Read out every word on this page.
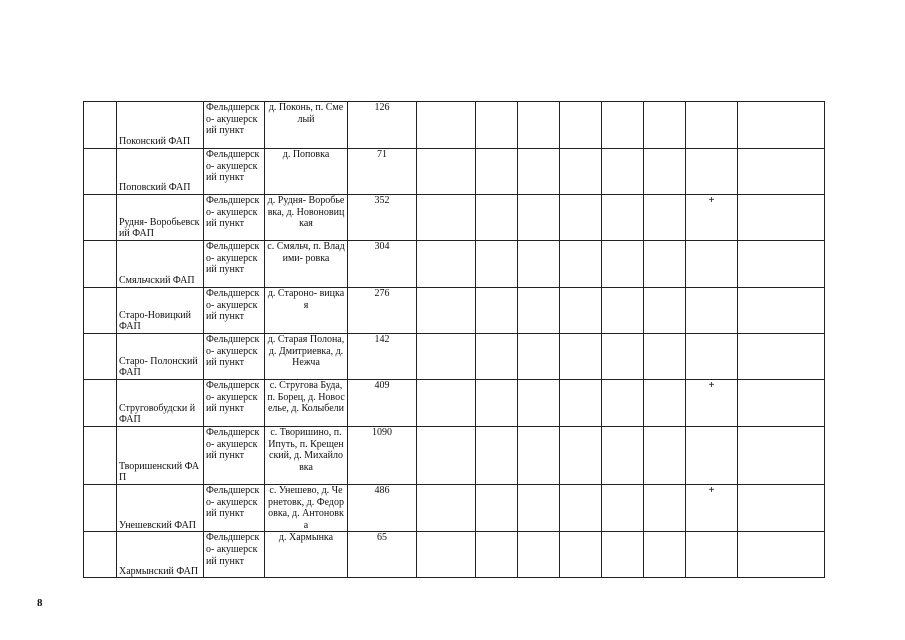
	Поконский ФАП	Фельдшерск о- акушерский пункт	д. Поконь, п. Смелый	126								
	Поповский ФАП	Фельдшерск о- акушерский пункт	д. Поповка	71								
	Рудня- Воробьевский ФАП	Фельдшерск о- акушерский пункт	д. Рудня- Воробьевка, д. Новоновицкая	352							+	
	Смяльчский ФАП	Фельдшерск о- акушерский пункт	с. Смяльч, п. Владими- ровка	304								
	Старо-Новицкий ФАП	Фельдшерск о- акушерский пункт	д. Староно- вицкая	276								
	Старо- Полонский ФАП	Фельдшерск о- акушерский пункт	д. Старая Полона, д. Дмитриевка, д. Нежча	142								
	Струговобудски й ФАП	Фельдшерск о- акушерский пункт	с. Стругова Буда, п. Борец, д. Новоселье, д. Колыбели	409							+	
	Творишенский ФАП	Фельдшерск о- акушерский пункт	с. Творишино, п. Ипуть, п. Крещенский, д. Михайловка	1090								
	Унешевский ФАП	Фельдшерск о- акушерский пункт	с. Унешево, д. Чернетовк, д. Федоровка, д. Антоновка	486							+	
	Хармынский ФАП	Фельдшерск о- акушерский пункт	д. Хармынка	65								
8
